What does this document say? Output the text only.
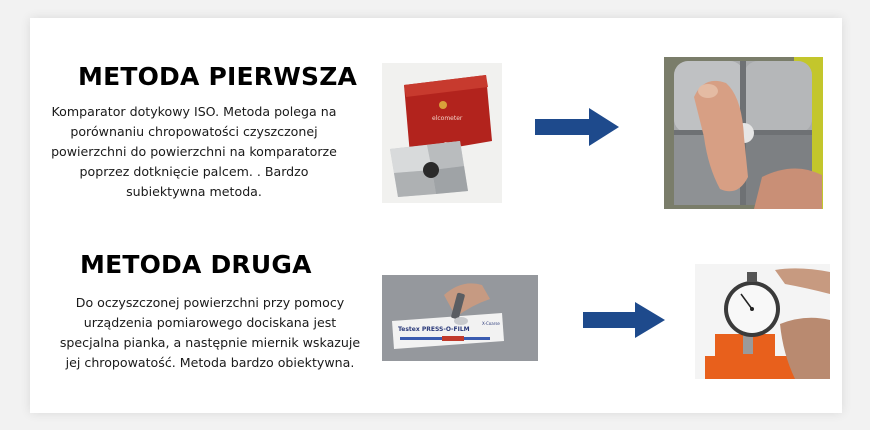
METODA PIERWSZA
Komparator dotykowy ISO. Metoda polega na
porównaniu chropowatości czyszczonej
powierzchni do powierzchni na komparatorze
poprzez dotknięcie palcem. . Bardzo
subiektywna metoda.
elcometer
METODA DRUGA
Do oczyszczonej powierzchni przy pomocy
urządzenia pomiarowego dociskana jest
specjalna pianka, a następnie miernik wskazuje
jej chropowatość. Metoda bardzo obiektywna.
Testex PRESS-O-FILM
X-Coarse
